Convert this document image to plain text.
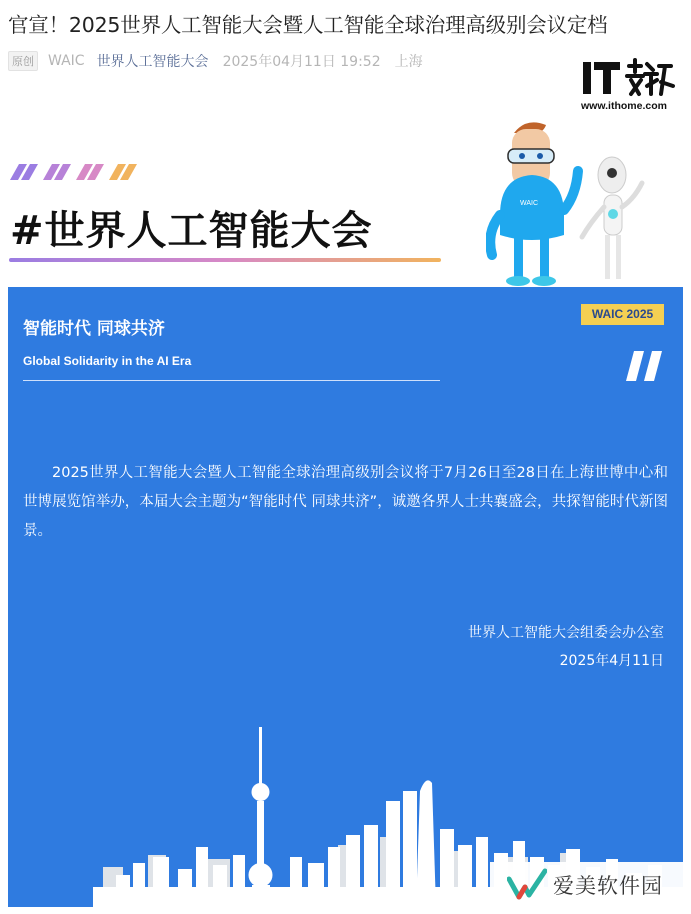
官宣！2025世界人工智能大会暨人工智能全球治理高级别会议定档
原创 WAIC 世界人工智能大会 2025年04月11日 19:52 上海
www.ithome.com
#世界人工智能大会
WAIC
智能时代 同球共济
Global Solidarity in the AI Era
WAIC 2025
2025世界人工智能大会暨人工智能全球治理高级别会议将于7月26日至28日在上海世博中心和世博展览馆举办，本届大会主题为“智能时代 同球共济”，诚邀各界人士共襄盛会，共探智能时代新图景。
世界人工智能大会组委会办公室
2025年4月11日
爱美软件园
